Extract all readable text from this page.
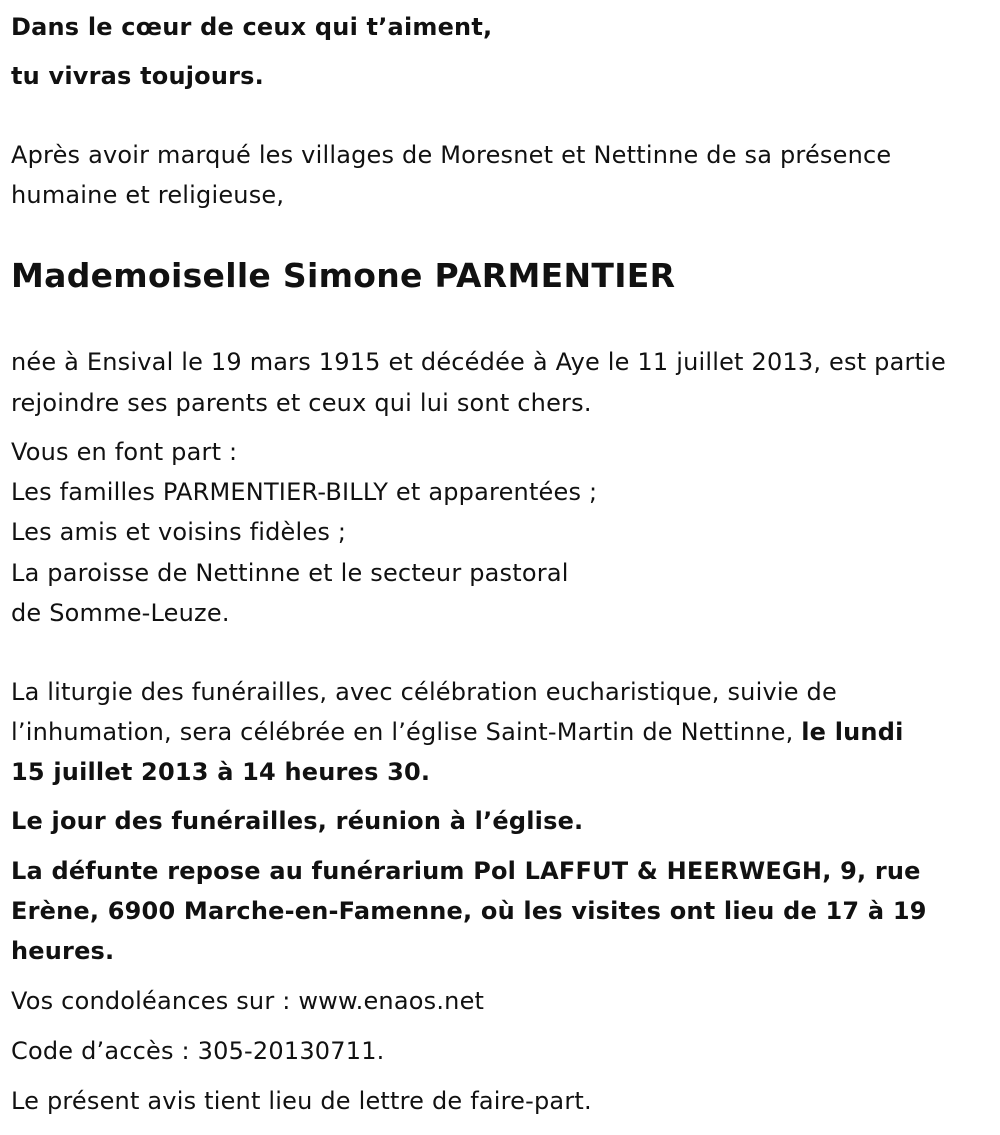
Dans le cœur de ceux qui t’aiment,
tu vivras toujours.
Après avoir marqué les villages de Moresnet et Nettinne de sa présence
humaine et religieuse,
Mademoiselle Simone PARMENTIER
née à Ensival le 19 mars 1915 et décédée à Aye le 11 juillet 2013, est partie
rejoindre ses parents et ceux qui lui sont chers.
Vous en font part :
Les familles PARMENTIER-BILLY et apparentées ;
Les amis et voisins fidèles ;
La paroisse de Nettinne et le secteur pastoral
de Somme-Leuze.
La liturgie des funérailles, avec célébration eucharistique, suivie de
l’inhumation, sera célébrée en l’église Saint-Martin de Nettinne, le lundi
15 juillet 2013 à 14 heures 30.
Le jour des funérailles, réunion à l’église.
La défunte repose au funérarium Pol LAFFUT & HEERWEGH, 9, rue
Erène, 6900 Marche-en-Famenne, où les visites ont lieu de 17 à 19
heures.
Vos condoléances sur : www.enaos.net
Code d’accès : 305-20130711.
Le présent avis tient lieu de lettre de faire-part.
